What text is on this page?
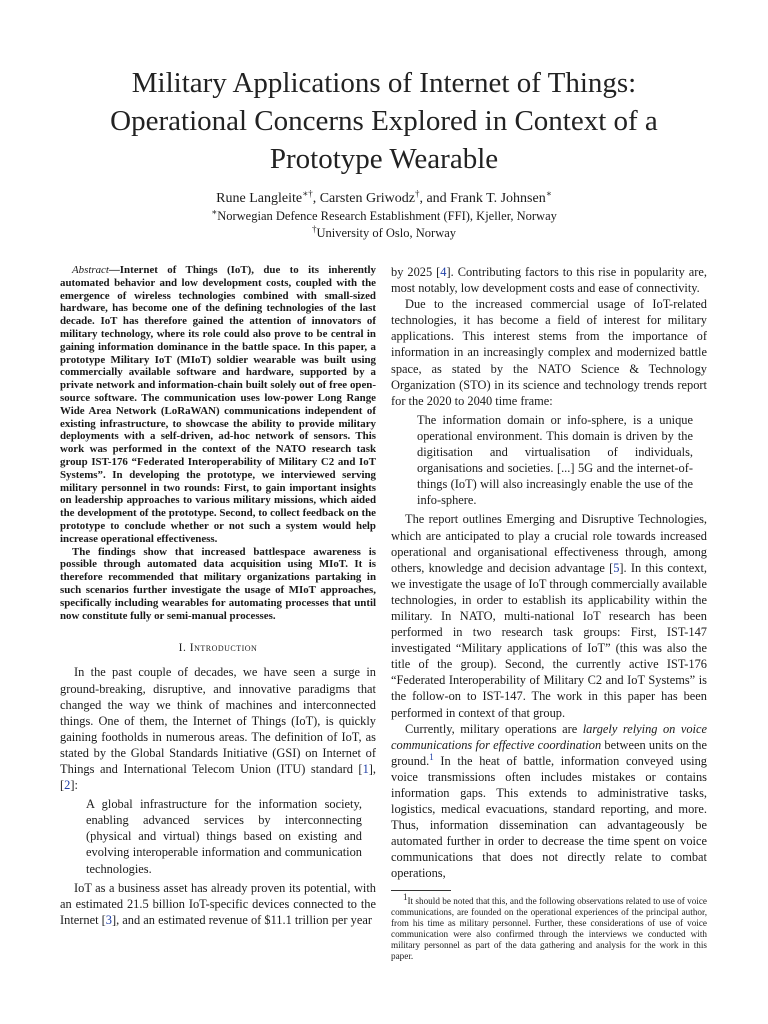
Military Applications of Internet of Things:
Operational Concerns Explored in Context of a
Prototype Wearable
Rune Langleite∗†, Carsten Griwodz†, and Frank T. Johnsen∗
∗Norwegian Defence Research Establishment (FFI), Kjeller, Norway
†University of Oslo, Norway

Abstract—Internet of Things (IoT), due to its inherently automated behavior and low development costs, coupled with the emergence of wireless technologies combined with small-sized hardware, has become one of the defining technologies of the last decade. IoT has therefore gained the attention of innovators of military technology, where its role could also prove to be central in gaining information dominance in the battle space. In this paper, a prototype Military IoT (MIoT) soldier wearable was built using commercially available software and hardware, supported by a private network and information-chain built solely out of free open-source software. The communication uses low-power Long Range Wide Area Network (LoRaWAN) communications independent of existing infrastructure, to showcase the ability to provide military deployments with a self-driven, ad-hoc network of sensors. This work was performed in the context of the NATO research task group IST-176 “Federated Interoperability of Military C2 and IoT Systems”. In developing the prototype, we interviewed serving military personnel in two rounds: First, to gain important insights on leadership approaches to various military missions, which aided the development of the prototype. Second, to collect feedback on the prototype to conclude whether or not such a system would help increase operational effectiveness.

The findings show that increased battlespace awareness is possible through automated data acquisition using MIoT. It is therefore recommended that military organizations partaking in such scenarios further investigate the usage of MIoT approaches, specifically including wearables for automating processes that until now constitute fully or semi-manual processes.

I. Introduction

In the past couple of decades, we have seen a surge in ground-breaking, disruptive, and innovative paradigms that changed the way we think of machines and interconnected things. One of them, the Internet of Things (IoT), is quickly gaining footholds in numerous areas. The definition of IoT, as stated by the Global Standards Initiative (GSI) on Internet of Things and International Telecom Union (ITU) standard [1], [2]:

A global infrastructure for the information society, enabling advanced services by interconnecting (physical and virtual) things based on existing and evolving interoperable information and communication technologies.

IoT as a business asset has already proven its potential, with an estimated 21.5 billion IoT-specific devices connected to the Internet [3], and an estimated revenue of $11.1 trillion per year

by 2025 [4]. Contributing factors to this rise in popularity are, most notably, low development costs and ease of connectivity.

Due to the increased commercial usage of IoT-related technologies, it has become a field of interest for military applications. This interest stems from the importance of information in an increasingly complex and modernized battle space, as stated by the NATO Science & Technology Organization (STO) in its science and technology trends report for the 2020 to 2040 time frame:

The information domain or info-sphere, is a unique operational environment. This domain is driven by the digitisation and virtualisation of individuals, organisations and societies. [...] 5G and the internet-of-things (IoT) will also increasingly enable the use of the info-sphere.

The report outlines Emerging and Disruptive Technologies, which are anticipated to play a crucial role towards increased operational and organisational effectiveness through, among others, knowledge and decision advantage [5]. In this context, we investigate the usage of IoT through commercially available technologies, in order to establish its applicability within the military. In NATO, multi-national IoT research has been performed in two research task groups: First, IST-147 investigated “Military applications of IoT” (this was also the title of the group). Second, the currently active IST-176 “Federated Interoperability of Military C2 and IoT Systems” is the follow-on to IST-147. The work in this paper has been performed in context of that group.

Currently, military operations are largely relying on voice communications for effective coordination between units on the ground.$^1$ In the heat of battle, information conveyed using voice transmissions often includes mistakes or contains information gaps. This extends to administrative tasks, logistics, medical evacuations, standard reporting, and more. Thus, information dissemination can advantageously be automated further in order to decrease the time spent on voice communications that does not directly relate to combat operations,

$^1$It should be noted that this, and the following observations related to use of voice communications, are founded on the operational experiences of the principal author, from his time as military personnel. Further, these considerations of use of voice communication were also confirmed through the interviews we conducted with military personnel as part of the data gathering and analysis for the work in this paper.
